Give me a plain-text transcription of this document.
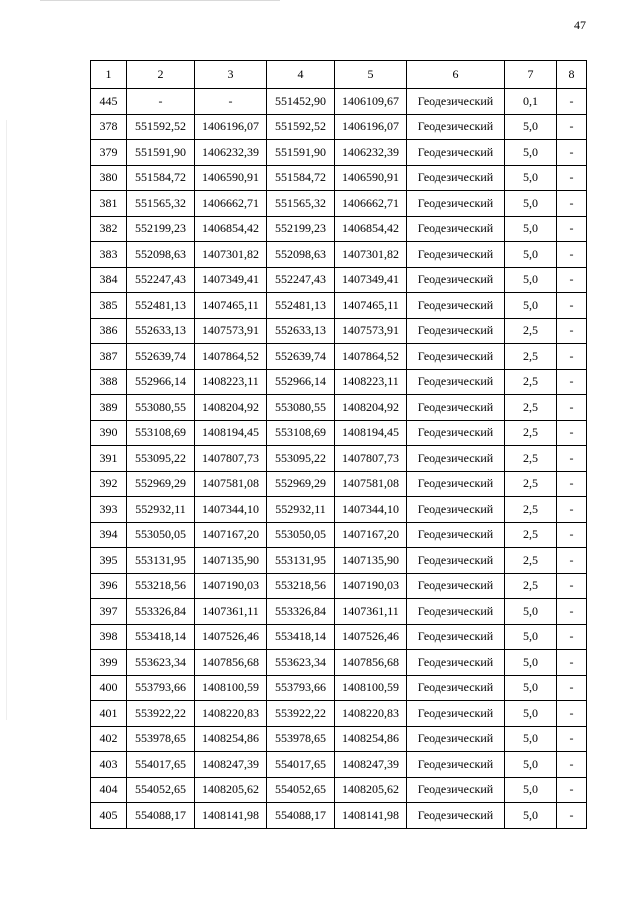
47
1	2	3	4	5	6	7	8
445	-	-	551452,90	1406109,67	Геодезический	0,1	-
378	551592,52	1406196,07	551592,52	1406196,07	Геодезический	5,0	-
379	551591,90	1406232,39	551591,90	1406232,39	Геодезический	5,0	-
380	551584,72	1406590,91	551584,72	1406590,91	Геодезический	5,0	-
381	551565,32	1406662,71	551565,32	1406662,71	Геодезический	5,0	-
382	552199,23	1406854,42	552199,23	1406854,42	Геодезический	5,0	-
383	552098,63	1407301,82	552098,63	1407301,82	Геодезический	5,0	-
384	552247,43	1407349,41	552247,43	1407349,41	Геодезический	5,0	-
385	552481,13	1407465,11	552481,13	1407465,11	Геодезический	5,0	-
386	552633,13	1407573,91	552633,13	1407573,91	Геодезический	2,5	-
387	552639,74	1407864,52	552639,74	1407864,52	Геодезический	2,5	-
388	552966,14	1408223,11	552966,14	1408223,11	Геодезический	2,5	-
389	553080,55	1408204,92	553080,55	1408204,92	Геодезический	2,5	-
390	553108,69	1408194,45	553108,69	1408194,45	Геодезический	2,5	-
391	553095,22	1407807,73	553095,22	1407807,73	Геодезический	2,5	-
392	552969,29	1407581,08	552969,29	1407581,08	Геодезический	2,5	-
393	552932,11	1407344,10	552932,11	1407344,10	Геодезический	2,5	-
394	553050,05	1407167,20	553050,05	1407167,20	Геодезический	2,5	-
395	553131,95	1407135,90	553131,95	1407135,90	Геодезический	2,5	-
396	553218,56	1407190,03	553218,56	1407190,03	Геодезический	2,5	-
397	553326,84	1407361,11	553326,84	1407361,11	Геодезический	5,0	-
398	553418,14	1407526,46	553418,14	1407526,46	Геодезический	5,0	-
399	553623,34	1407856,68	553623,34	1407856,68	Геодезический	5,0	-
400	553793,66	1408100,59	553793,66	1408100,59	Геодезический	5,0	-
401	553922,22	1408220,83	553922,22	1408220,83	Геодезический	5,0	-
402	553978,65	1408254,86	553978,65	1408254,86	Геодезический	5,0	-
403	554017,65	1408247,39	554017,65	1408247,39	Геодезический	5,0	-
404	554052,65	1408205,62	554052,65	1408205,62	Геодезический	5,0	-
405	554088,17	1408141,98	554088,17	1408141,98	Геодезический	5,0	-
